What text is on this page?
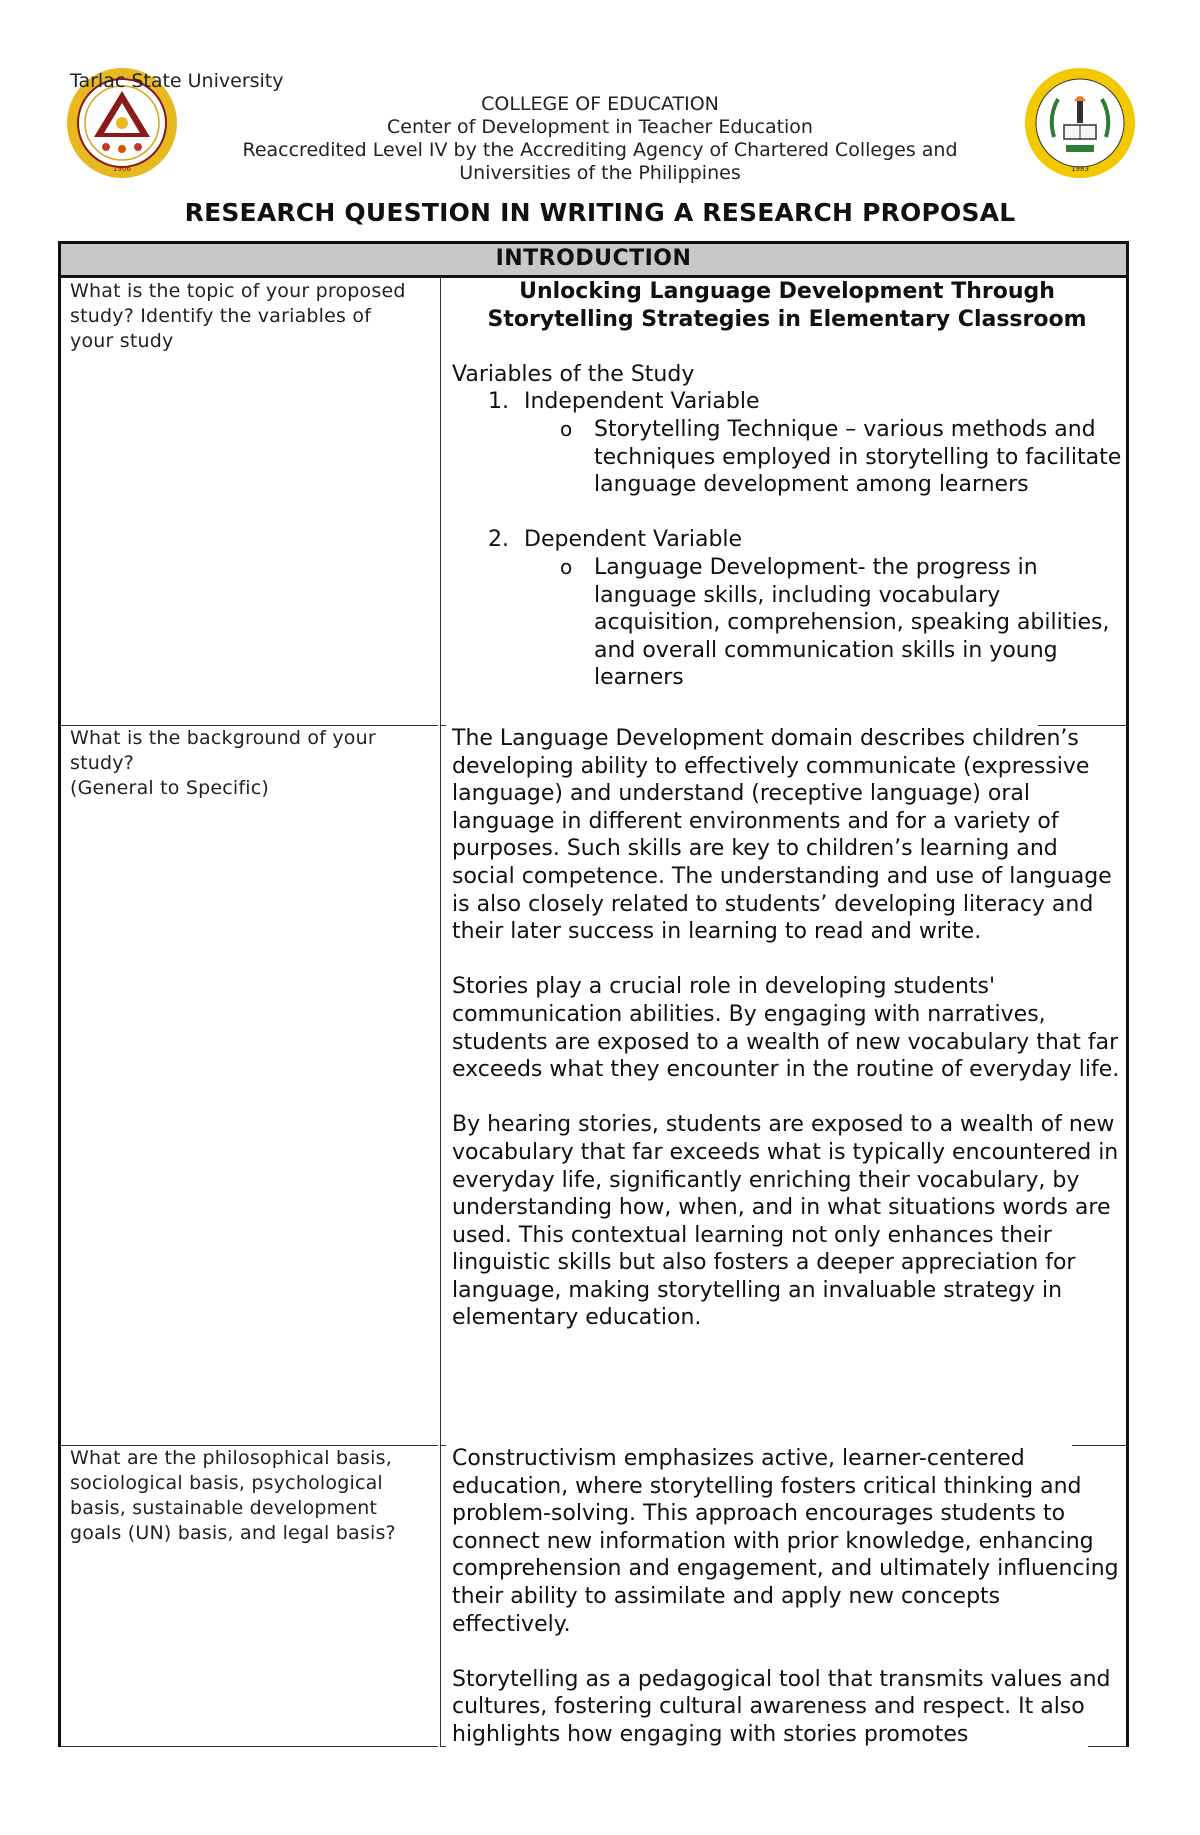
Tarlac State University
1906	1983
COLLEGE OF EDUCATION
Center of Development in Teacher Education
Reaccredited Level IV by the Accrediting Agency of Chartered Colleges and
Universities of the Philippines
RESEARCH QUESTION IN WRITING A RESEARCH PROPOSAL
INTRODUCTION
What is the topic of your proposed study? Identify the variables of your study
Unlocking Language Development Through
Storytelling Strategies in Elementary Classroom
Variables of the Study
1. Independent Variable
o Storytelling Technique – various methods and techniques employed in storytelling to facilitate language development among learners
2. Dependent Variable
o Language Development- the progress in language skills, including vocabulary acquisition, comprehension, speaking abilities, and overall communication skills in young learners
What is the background of your study?
(General to Specific)

The Language Development domain describes children’s developing ability to effectively communicate (expressive language) and understand (receptive language) oral language in different environments and for a variety of purposes. Such skills are key to children’s learning and social competence. The understanding and use of language is also closely related to students’ developing literacy and their later success in learning to read and write.

Stories play a crucial role in developing students' communication abilities. By engaging with narratives, students are exposed to a wealth of new vocabulary that far exceeds what they encounter in the routine of everyday life.

By hearing stories, students are exposed to a wealth of new vocabulary that far exceeds what is typically encountered in everyday life, significantly enriching their vocabulary, by understanding how, when, and in what situations words are used. This contextual learning not only enhances their linguistic skills but also fosters a deeper appreciation for language, making storytelling an invaluable strategy in elementary education.

What are the philosophical basis, sociological basis, psychological basis, sustainable development goals (UN) basis, and legal basis?

Constructivism emphasizes active, learner-centered education, where storytelling fosters critical thinking and problem-solving. This approach encourages students to connect new information with prior knowledge, enhancing comprehension and engagement, and ultimately influencing their ability to assimilate and apply new concepts effectively.

Storytelling as a pedagogical tool that transmits values and cultures, fostering cultural awareness and respect. It also highlights how engaging with stories promotes
